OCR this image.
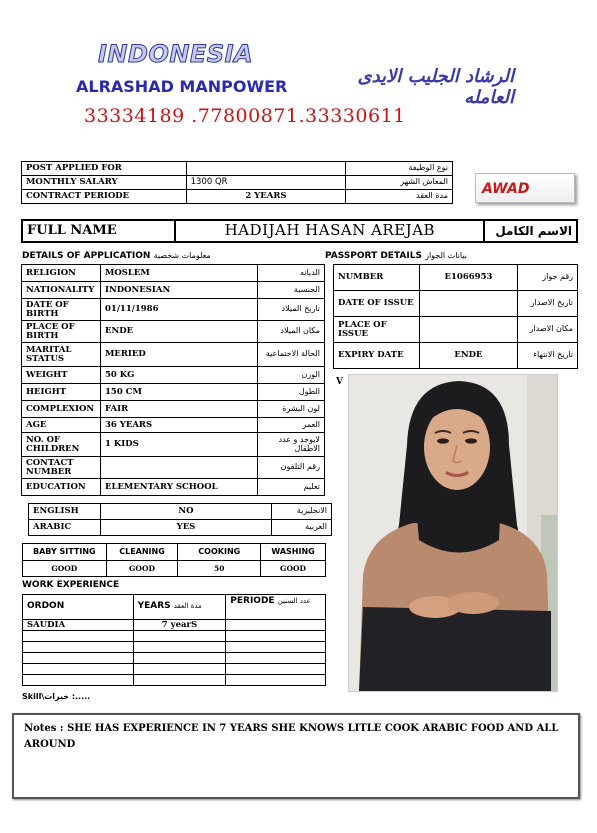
INDONESIA
ALRASHAD MANPOWER	الرشاد الجليب الايدى العامله
33334189 .77800871.33330611
POST APPLIED FOR		نوع الوظيفة
MONTHLY SALARY	1300 QR	المعاش الشهر
CONTRACT PERIODE	2 YEARS	مدة العقد	AWAD
FULL NAME	HADIJAH HASAN AREJAB	الاسم الكامل
DETAILS OF APPLICATION معلومات شخصية	PASSPORT DETAILS بيانات الجواز
RELIGION	MOSLEM	الديانه
NATIONALITY	INDONESIAN	الجنسية
DATE OF BIRTH	01/11/1986	تاريخ الميلاد
PLACE OF BIRTH	ENDE	مكان الميلاد
MARITAL STATUS	MERIED	الحالة الاجتماعية
WEIGHT	50 KG	الوزن
HEIGHT	150 CM	الطول
COMPLEXION	FAIR	لون البشرة
AGE	36 YEARS	العمر
NO. OF CHILDREN	1 KIDS	لايوجد و عدد الاطفال
CONTACT NUMBER		رقم التلفون
EDUCATION	ELEMENTARY SCHOOL	تعليم
ENGLISH	NO	الانجليزية
ARABIC	YES	العربية
NUMBER	E1066953	رقم جواز
DATE OF ISSUE		تاريخ الاصدار
PLACE OF ISSUE		مكان الاصدار
EXPIRY DATE	ENDE	تاريخ الانتهاء
V
BABY SITTING	CLEANING	COOKING	WASHING
GOOD	GOOD	50	GOOD
WORK EXPERIENCE
ORDON	YEARS مدة العقد	PERIODE عدد السنين
SAUDIA	7 yearS	

Skill\خبرات :.....
Notes : SHE HAS EXPERIENCE IN 7 YEARS SHE KNOWS LITLE COOK ARABIC FOOD AND ALL AROUND
